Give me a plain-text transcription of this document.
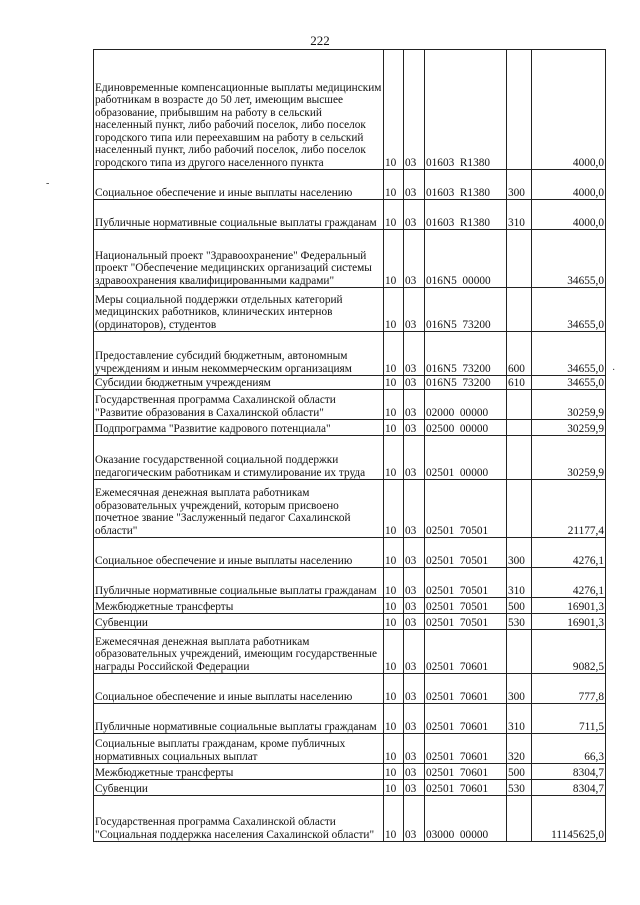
222
Единовременные компенсационные выплаты медицинским работникам в возрасте до 50 лет, имеющим высшее образование, прибывшим на работу в сельский населенный пункт, либо рабочий поселок, либо поселок городского типа или переехавшим на работу в сельский населенный пункт, либо рабочий поселок, либо поселок городского типа из другого населенного пункта	10	03	01603  R1380		4000,0
Социальное обеспечение и иные выплаты населению	10	03	01603  R1380	300	4000,0
Публичные нормативные социальные выплаты гражданам	10	03	01603  R1380	310	4000,0
Национальный проект "Здравоохранение" Федеральный проект "Обеспечение медицинских организаций системы здравоохранения квалифицированными кадрами"	10	03	016N5  00000		34655,0
Меры социальной поддержки отдельных категорий медицинских работников, клинических интернов (ординаторов), студентов	10	03	016N5  73200		34655,0
Предоставление субсидий бюджетным, автономным учреждениям и иным некоммерческим организациям	10	03	016N5  73200	600	34655,0
Субсидии бюджетным учреждениям	10	03	016N5  73200	610	34655,0
Государственная программа Сахалинской области "Развитие образования в Сахалинской области"	10	03	02000  00000		30259,9
Подпрограмма "Развитие кадрового потенциала"	10	03	02500  00000		30259,9
Оказание государственной социальной поддержки педагогическим работникам и стимулирование их труда	10	03	02501  00000		30259,9
Ежемесячная денежная выплата работникам образовательных учреждений, которым присвоено почетное звание "Заслуженный педагог Сахалинской области"	10	03	02501  70501		21177,4
Социальное обеспечение и иные выплаты населению	10	03	02501  70501	300	4276,1
Публичные нормативные социальные выплаты гражданам	10	03	02501  70501	310	4276,1
Межбюджетные трансферты	10	03	02501  70501	500	16901,3
Субвенции	10	03	02501  70501	530	16901,3
Ежемесячная денежная выплата работникам образовательных учреждений, имеющим государственные награды Российской Федерации	10	03	02501  70601		9082,5
Социальное обеспечение и иные выплаты населению	10	03	02501  70601	300	777,8
Публичные нормативные социальные выплаты гражданам	10	03	02501  70601	310	711,5
Социальные выплаты гражданам, кроме публичных нормативных социальных выплат	10	03	02501  70601	320	66,3
Межбюджетные трансферты	10	03	02501  70601	500	8304,7
Субвенции	10	03	02501  70601	530	8304,7
Государственная программа Сахалинской области "Социальная поддержка населения Сахалинской области"	10	03	03000  00000		11145625,0
‐
·
